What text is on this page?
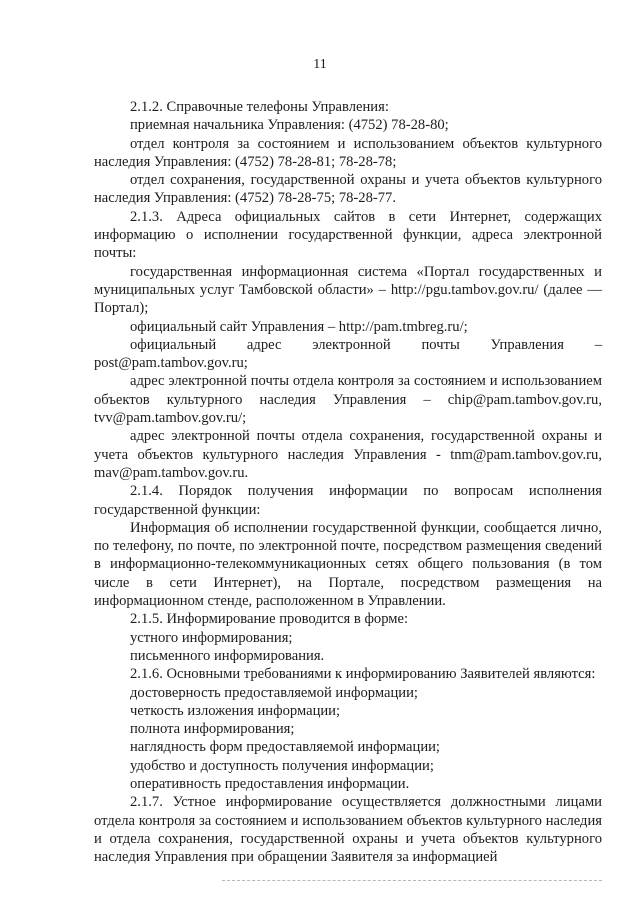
11

2.1.2. Справочные телефоны Управления:

приемная начальника Управления: (4752) 78-28-80;

отдел контроля за состоянием и использованием объектов культурного наследия Управления: (4752) 78-28-81; 78-28-78;

отдел сохранения, государственной охраны и учета объектов культурного наследия Управления: (4752) 78-28-75; 78-28-77.

2.1.3. Адреса официальных сайтов в сети Интернет, содержащих информацию о исполнении государственной функции, адреса электронной почты:

государственная информационная система «Портал государственных и муниципальных услуг Тамбовской области» – http://pgu.tambov.gov.ru/ (далее — Портал);

официальный сайт Управления – http://pam.tmbreg.ru/;

официальный адрес электронной почты Управления – post@pam.tambov.gov.ru;

адрес электронной почты отдела контроля за состоянием и использованием объектов культурного наследия Управления – chip@pam.tambov.gov.ru, tvv@pam.tambov.gov.ru/;

адрес электронной почты отдела сохранения, государственной охраны и учета объектов культурного наследия Управления - tnm@pam.tambov.gov.ru, mav@pam.tambov.gov.ru.

2.1.4. Порядок получения информации по вопросам исполнения государственной функции:

Информация об исполнении государственной функции, сообщается лично, по телефону, по почте, по электронной почте, посредством размещения сведений в информационно-телекоммуникационных сетях общего пользования (в том числе в сети Интернет), на Портале, посредством размещения на информационном стенде, расположенном в Управлении.

2.1.5. Информирование проводится в форме:

устного информирования;

письменного информирования.

2.1.6. Основными требованиями к информированию Заявителей являются:

достоверность предоставляемой информации;

четкость изложения информации;

полнота информирования;

наглядность форм предоставляемой информации;

удобство и доступность получения информации;

оперативность предоставления информации.

2.1.7. Устное информирование осуществляется должностными лицами отдела контроля за состоянием и использованием объектов культурного наследия и отдела сохранения, государственной охраны и учета объектов культурного наследия Управления при обращении Заявителя за информацией
